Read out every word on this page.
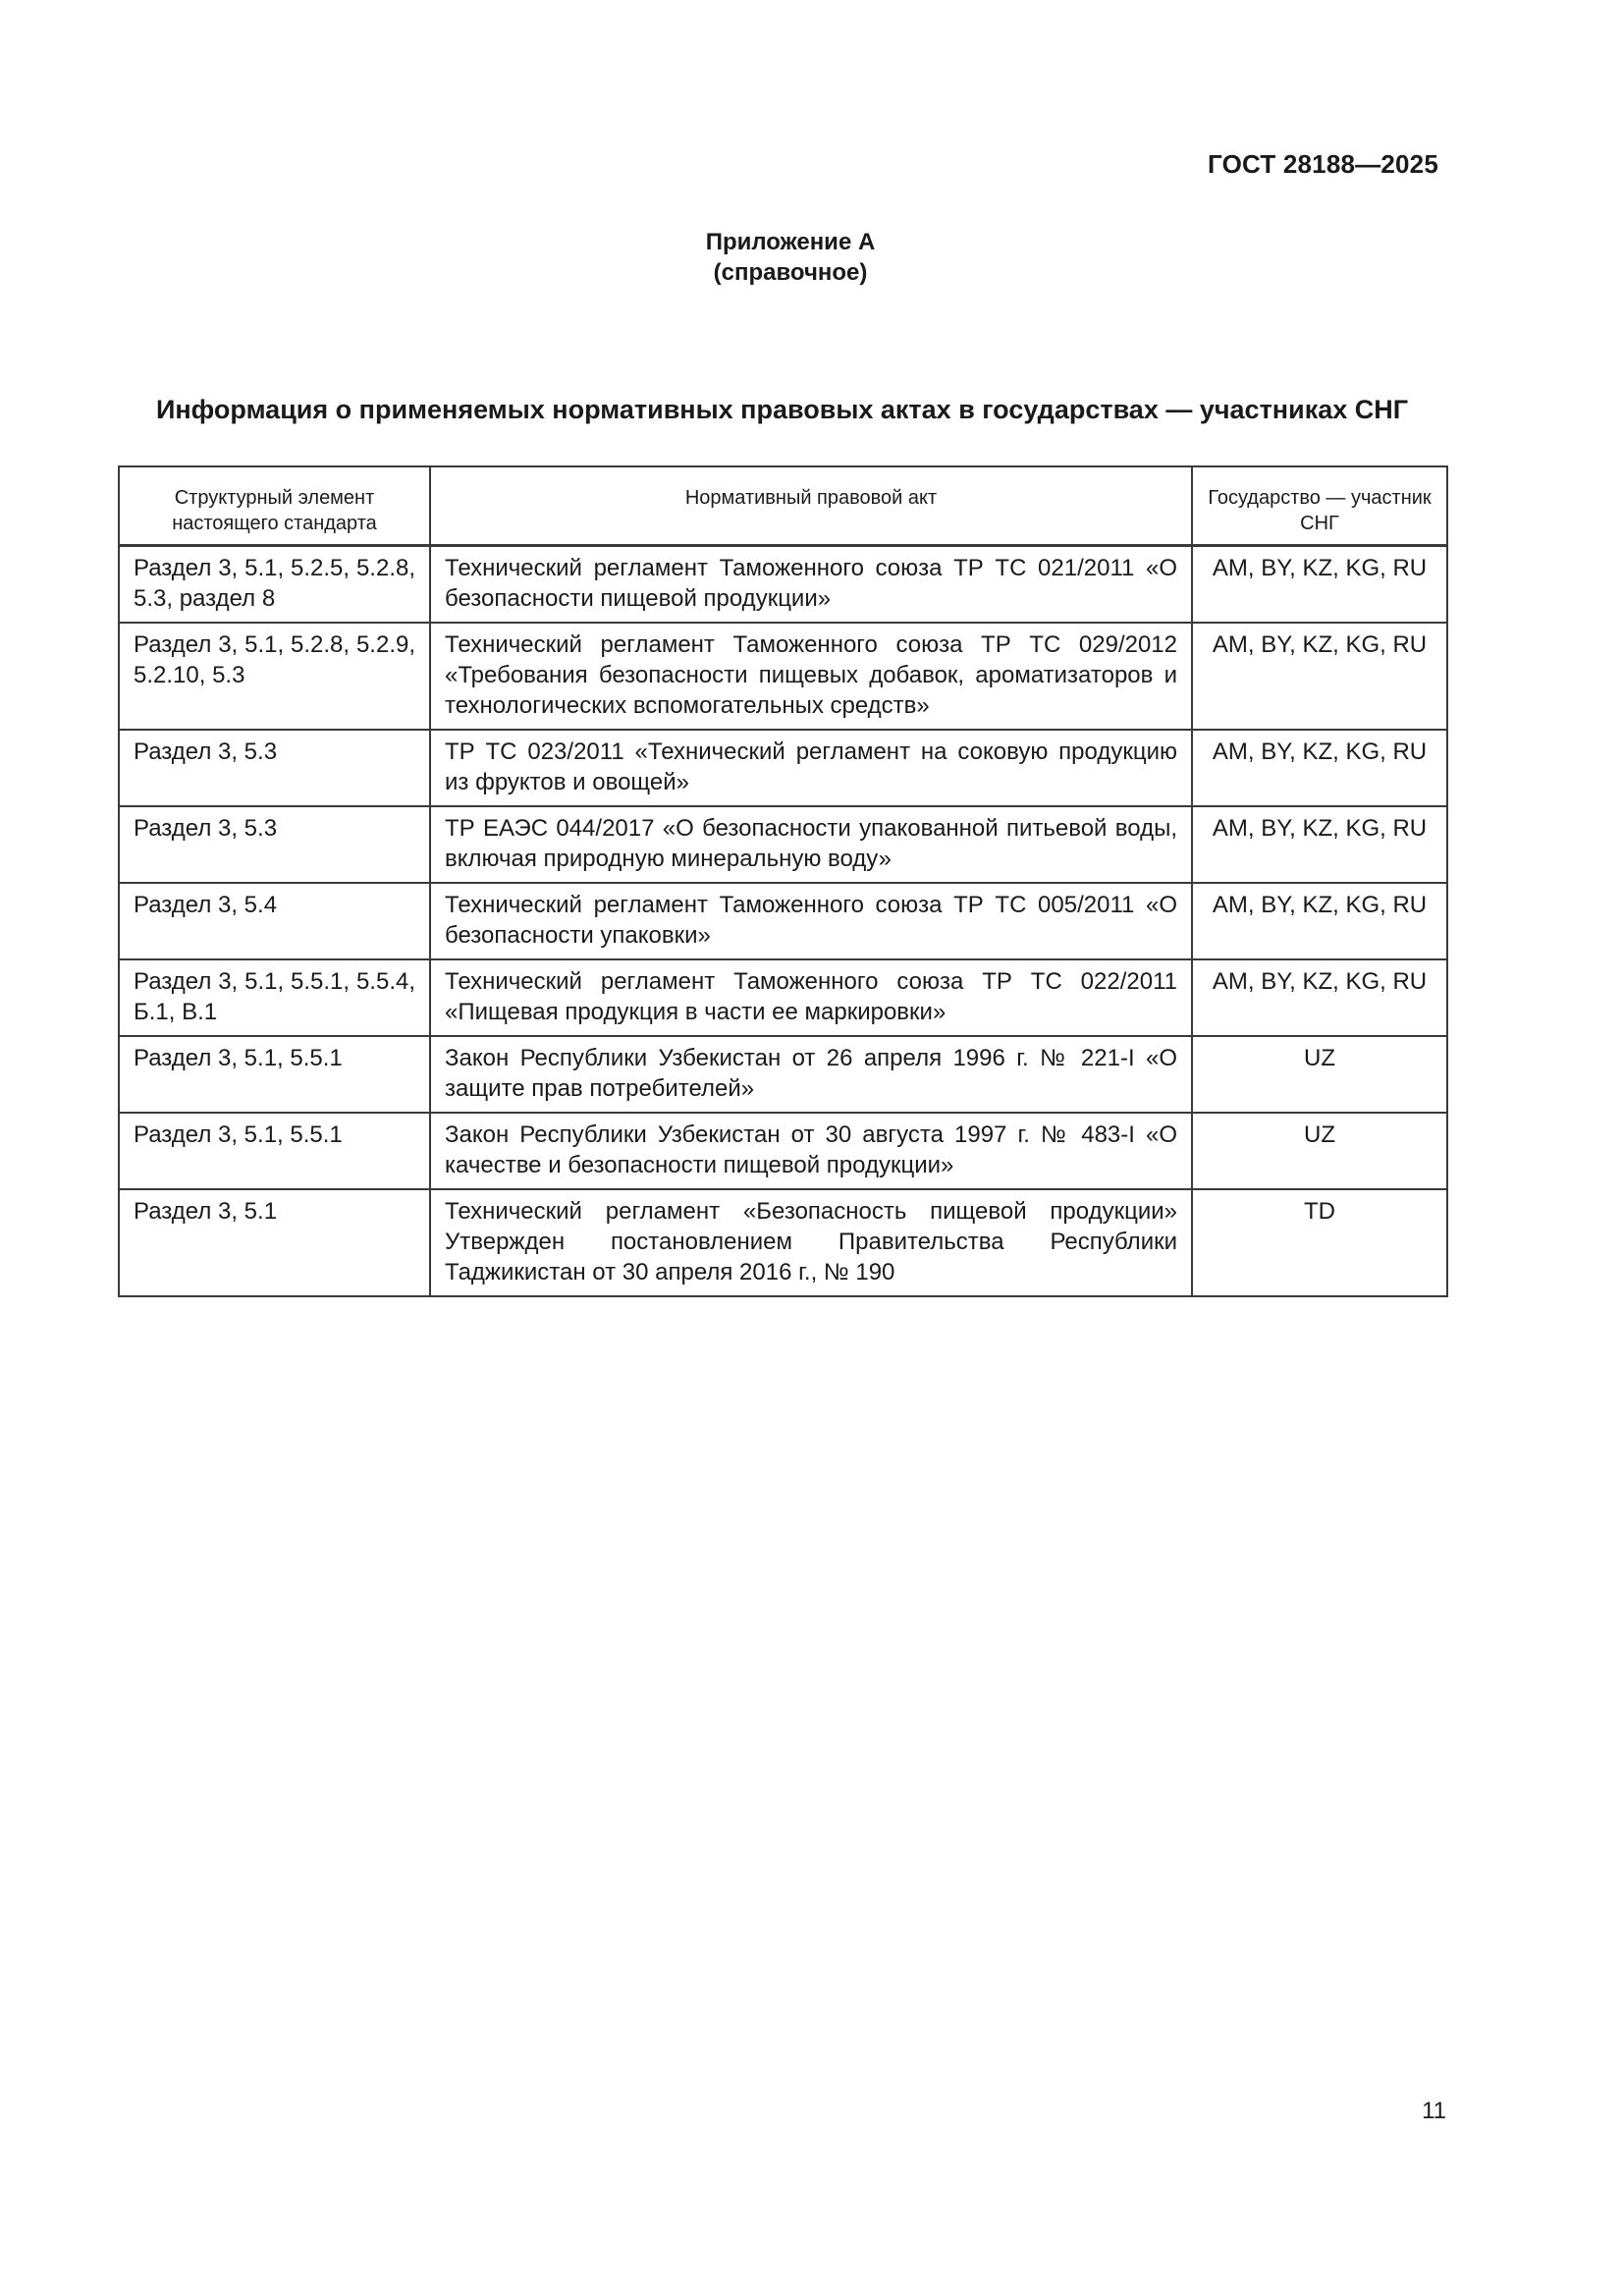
ГОСТ 28188—2025
Приложение А
(справочное)
Информация о применяемых нормативных правовых актах в государствах — участниках СНГ
Структурный элемент настоящего стандарта	Нормативный правовой акт	Государство — участник СНГ
Раздел 3, 5.1, 5.2.5, 5.2.8, 5.3, раздел 8	Технический регламент Таможенного союза ТР ТС 021/2011 «О безопасности пищевой продукции»	AM, BY, KZ, KG, RU
Раздел 3, 5.1, 5.2.8, 5.2.9, 5.2.10, 5.3	Технический регламент Таможенного союза ТР ТС 029/2012 «Требования безопасности пищевых добавок, ароматизаторов и технологических вспомогательных средств»	AM, BY, KZ, KG, RU
Раздел 3, 5.3	ТР ТС 023/2011 «Технический регламент на соковую продукцию из фруктов и овощей»	AM, BY, KZ, KG, RU
Раздел 3, 5.3	ТР ЕАЭС 044/2017 «О безопасности упакованной питьевой воды, включая природную минеральную воду»	AM, BY, KZ, KG, RU
Раздел 3, 5.4	Технический регламент Таможенного союза ТР ТС 005/2011 «О безопасности упаковки»	AM, BY, KZ, KG, RU
Раздел 3, 5.1, 5.5.1, 5.5.4, Б.1, В.1	Технический регламент Таможенного союза ТР ТС 022/2011 «Пищевая продукция в части ее маркировки»	AM, BY, KZ, KG, RU
Раздел 3, 5.1, 5.5.1	Закон Республики Узбекистан от 26 апреля 1996 г. № 221-I «О защите прав потребителей»	UZ
Раздел 3, 5.1, 5.5.1	Закон Республики Узбекистан от 30 августа 1997 г. № 483-I «О качестве и безопасности пищевой продукции»	UZ
Раздел 3, 5.1	Технический регламент «Безопасность пищевой продукции» Утвержден постановлением Правительства Республики Таджикистан от 30 апреля 2016 г., № 190	TD
11
